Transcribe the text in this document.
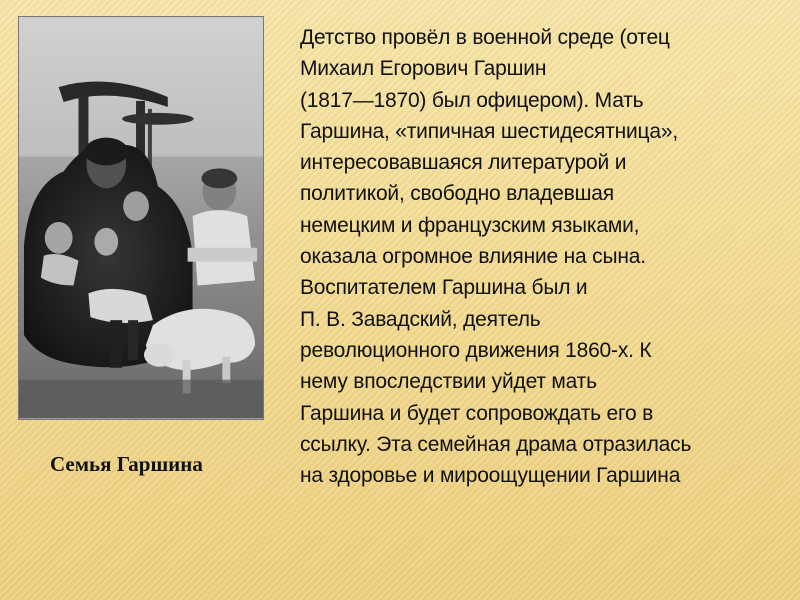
Семья Гаршина
Детство провёл в военной среде (отец
Михаил Егорович Гаршин
(1817—1870) был офицером). Мать
Гаршина, «типичная шестидесятница»,
интересовавшаяся литературой и
политикой, свободно владевшая
немецким и французским языками,
оказала огромное влияние на сына.
Воспитателем Гаршина был и
П. В. Завадский, деятель
революционного движения 1860-х. К
нему впоследствии уйдет мать
Гаршина и будет сопровождать его в
ссылку. Эта семейная драма отразилась
на здоровье и мироощущении Гаршина
